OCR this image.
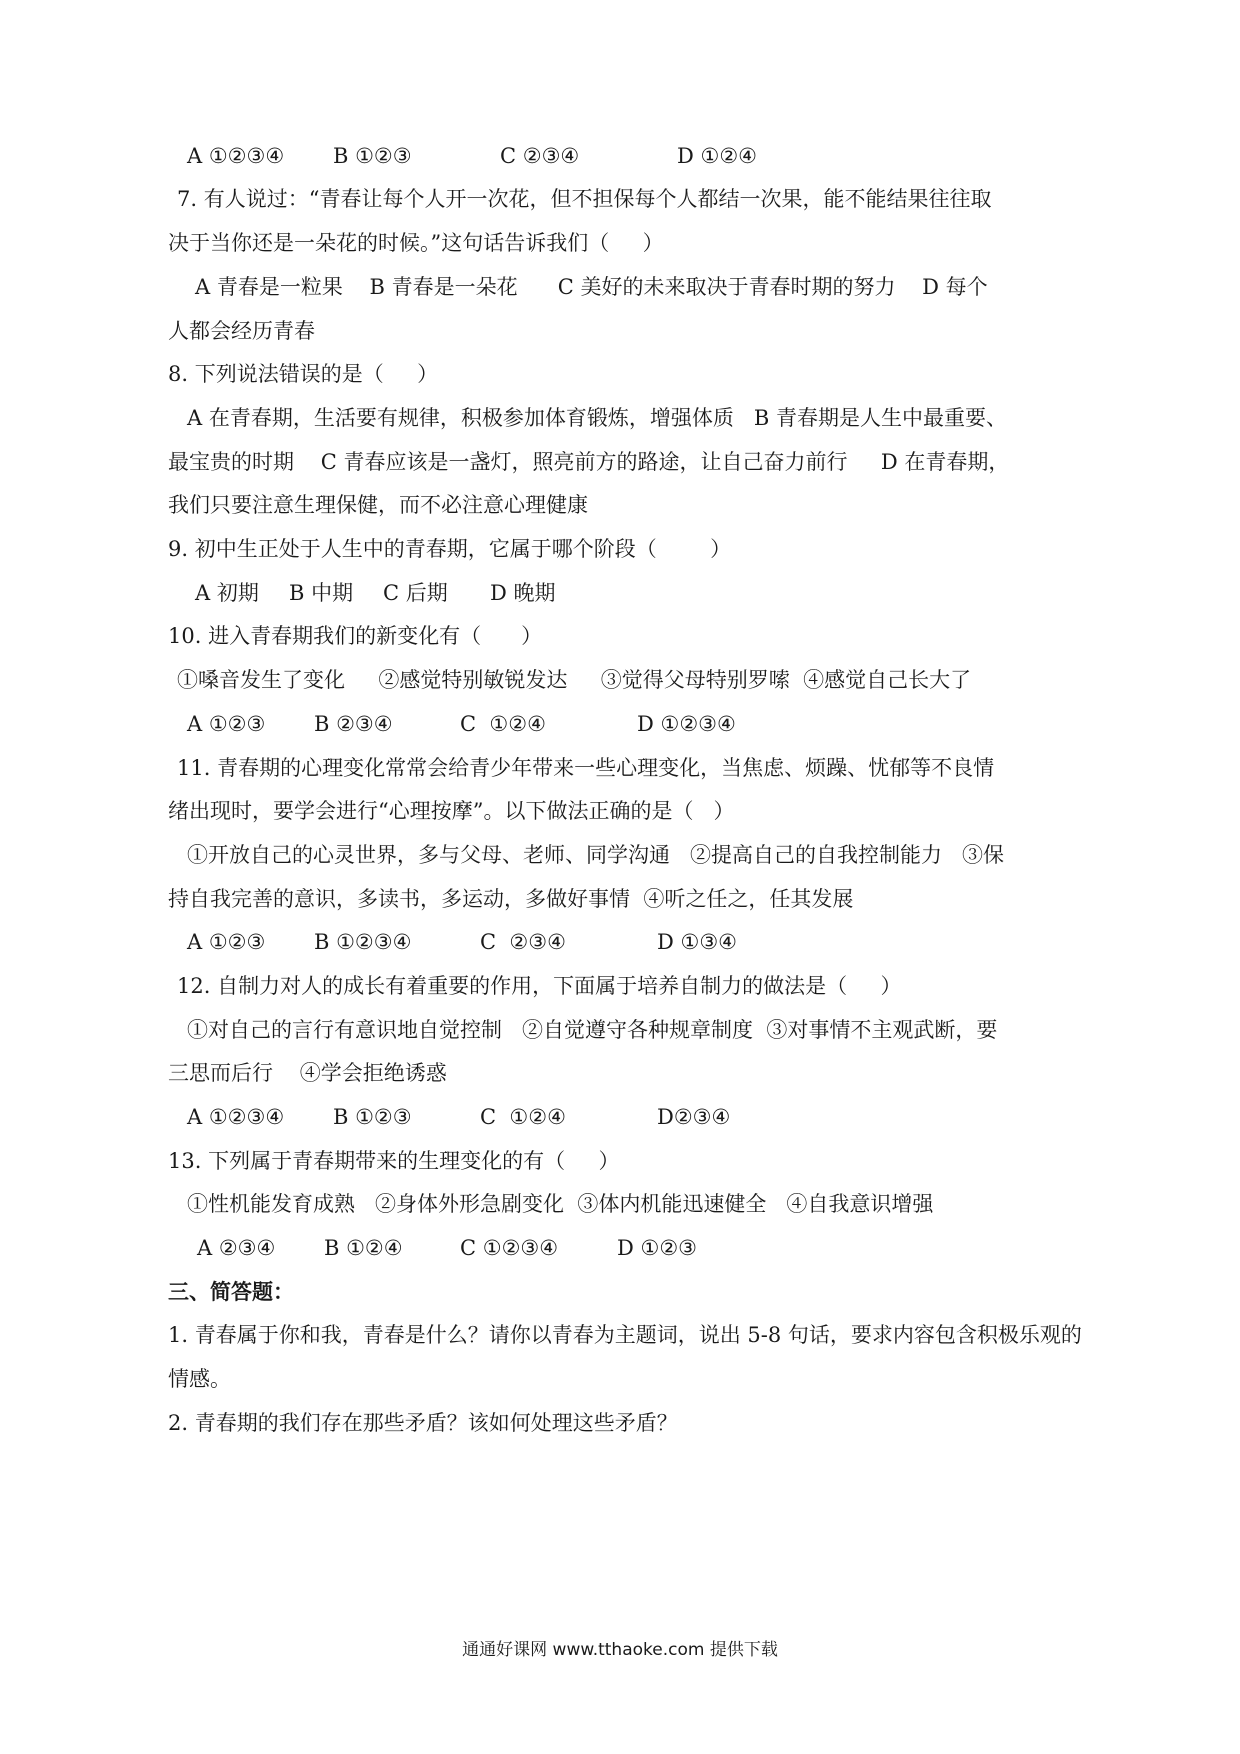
A ①②③④ B ①②③	C ②③④	D ①②④
7. 有人说过：“青春让每个人开一次花，但不担保每个人都结一次果，能不能结果往往取
决于当你还是一朵花的时候。”这句话告诉我们（     ）
A 青春是一粒果    B 青春是一朵花      C 美好的未来取决于青春时期的努力    D 每个
人都会经历青春
8. 下列说法错误的是（     ）
A 在青春期，生活要有规律，积极参加体育锻炼，增强体质   B 青春期是人生中最重要、
最宝贵的时期    C 青春应该是一盏灯，照亮前方的路途，让自己奋力前行     D 在青春期，
我们只要注意生理保健，而不必注意心理健康
9. 初中生正处于人生中的青春期，它属于哪个阶段（        ）
A 初期 B 中期 C 后期 D 晚期
10. 进入青春期我们的新变化有（      ）
①嗓音发生了变化     ②感觉特别敏锐发达     ③觉得父母特别罗嗦  ④感觉自己长大了
A ①②③ B ②③④	C  ①②④	D ①②③④
11. 青春期的心理变化常常会给青少年带来一些心理变化，当焦虑、烦躁、忧郁等不良情
绪出现时，要学会进行“心理按摩”。以下做法正确的是（   ）
①开放自己的心灵世界，多与父母、老师、同学沟通   ②提高自己的自我控制能力   ③保
持自我完善的意识，多读书，多运动，多做好事情  ④听之任之，任其发展
A ①②③ B ①②③④	C  ②③④	D ①③④
12. 自制力对人的成长有着重要的作用，下面属于培养自制力的做法是（     ）
①对自己的言行有意识地自觉控制   ②自觉遵守各种规章制度  ③对事情不主观武断，要
三思而后行    ④学会拒绝诱惑
A ①②③④ B ①②③	C  ①②④	D②③④
13. 下列属于青春期带来的生理变化的有（     ）
①性机能发育成熟   ②身体外形急剧变化  ③体内机能迅速健全   ④自我意识增强
A ②③④ B ①②④	C ①②③④	D ①②③
三、简答题：
1. 青春属于你和我，青春是什么？请你以青春为主题词，说出 5-8 句话，要求内容包含积极乐观的
情感。
2. 青春期的我们存在那些矛盾？该如何处理这些矛盾？
通通好课网 www.tthaoke.com 提供下载
